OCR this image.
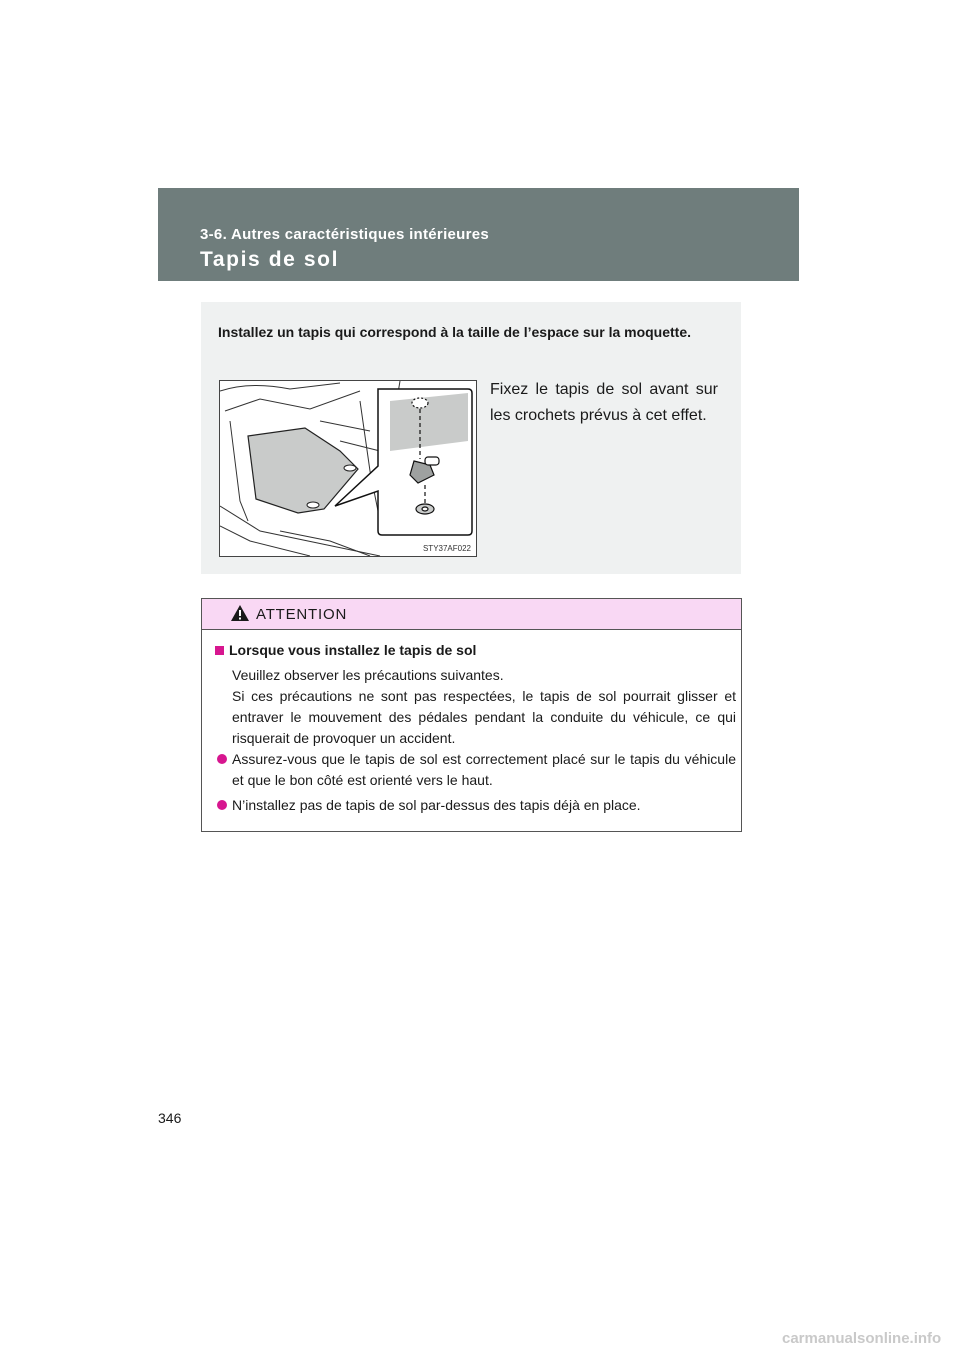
3-6. Autres caractéristiques intérieures
Tapis de sol
Installez un tapis qui correspond à la taille de l’espace sur la moquette.
STY37AF022
Fixez le tapis de sol avant sur les crochets prévus à cet effet.
ATTENTION
Lorsque vous installez le tapis de sol
Veuillez observer les précautions suivantes.
Si ces précautions ne sont pas respectées, le tapis de sol pourrait glisser et entraver le mouvement des pédales pendant la conduite du véhicule, ce qui risquerait de provoquer un accident.
Assurez-vous que le tapis de sol est correctement placé sur le tapis du véhicule et que le bon côté est orienté vers le haut.
N’installez pas de tapis de sol par-dessus des tapis déjà en place.
346
carmanualsonline.info
